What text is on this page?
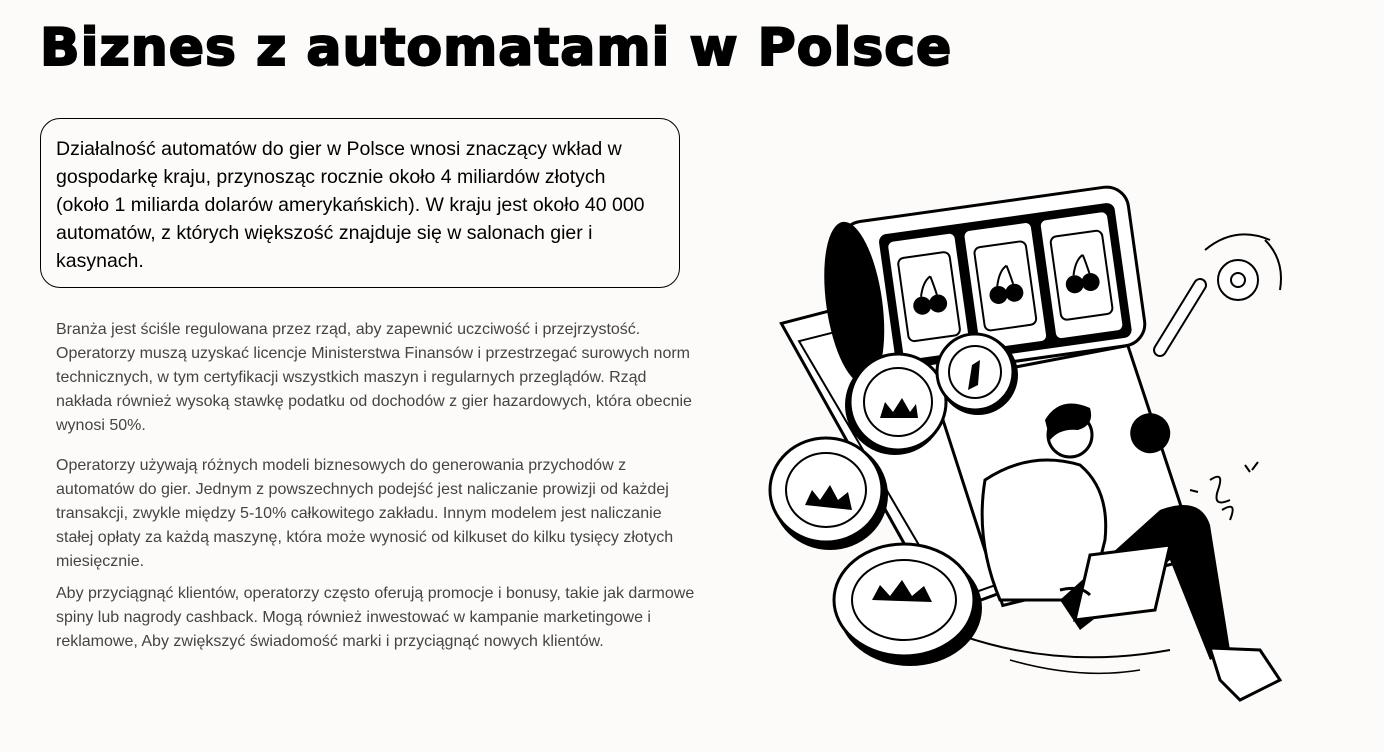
Biznes z automatami w Polsce

Działalność automatów do gier w Polsce wnosi znaczący wkład w gospodarkę kraju, przynosząc rocznie około 4 miliardów złotych (około 1 miliarda dolarów amerykańskich). W kraju jest około 40 000 automatów, z których większość znajduje się w salonach gier i kasynach.

Branża jest ściśle regulowana przez rząd, aby zapewnić uczciwość i przejrzystość. Operatorzy muszą uzyskać licencje Ministerstwa Finansów i przestrzegać surowych norm technicznych, w tym certyfikacji wszystkich maszyn i regularnych przeglądów. Rząd nakłada również wysoką stawkę podatku od dochodów z gier hazardowych, która obecnie wynosi 50%.

Operatorzy używają różnych modeli biznesowych do generowania przychodów z automatów do gier. Jednym z powszechnych podejść jest naliczanie prowizji od każdej transakcji, zwykle między 5-10% całkowitego zakładu. Innym modelem jest naliczanie stałej opłaty za każdą maszynę, która może wynosić od kilkuset do kilku tysięcy złotych miesięcznie.

Aby przyciągnąć klientów, operatorzy często oferują promocje i bonusy, takie jak darmowe spiny lub nagrody cashback. Mogą również inwestować w kampanie marketingowe i reklamowe, Aby zwiększyć świadomość marki i przyciągnąć nowych klientów.
